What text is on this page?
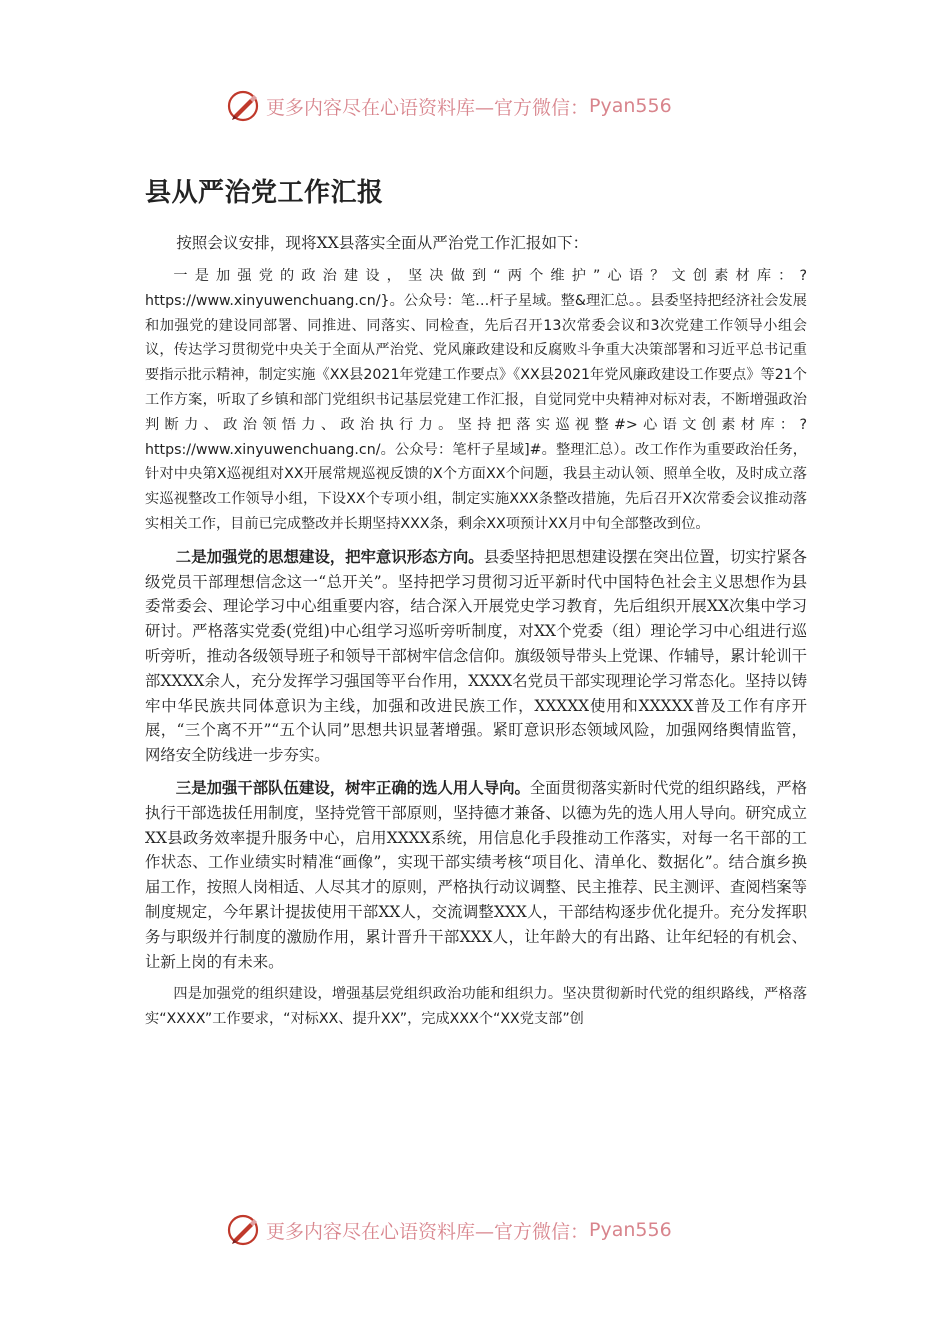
更多内容尽在心语资料库—官方微信： Pyan556
县从严治党工作汇报

按照会议安排，现将XX县落实全面从严治党工作汇报如下：

一是加强党的政治建设，坚决做到“两个维护”心语？文创素材库：?https://www.xinyuwenchuang.cn/}。公众号：笔…杆子星域。整&理汇总。。县委坚持把经济社会发展和加强党的建设同部署、同推进、同落实、同检查，先后召开13次常委会议和3次党建工作领导小组会议，传达学习贯彻党中央关于全面从严治党、党风廉政建设和反腐败斗争重大决策部署和习近平总书记重要指示批示精神，制定实施《XX县2021年党建工作要点》《XX县2021年党风廉政建设工作要点》等21个工作方案，听取了乡镇和部门党组织书记基层党建工作汇报，自觉同党中央精神对标对表，不断增强政治判断力、政治领悟力、政治执行力。坚持把落实巡视整#>心语文创素材库：?https://www.xinyuwenchuang.cn/。公众号：笔杆子星域]#。整理汇总）。改工作作为重要政治任务，针对中央第X巡视组对XX开展常规巡视反馈的X个方面XX个问题，我县主动认领、照单全收，及时成立落实巡视整改工作领导小组，下设XX个专项小组，制定实施XXX条整改措施，先后召开X次常委会议推动落实相关工作，目前已完成整改并长期坚持XXX条，剩余XX项预计XX月中旬全部整改到位。

二是加强党的思想建设，把牢意识形态方向。县委坚持把思想建设摆在突出位置，切实拧紧各级党员干部理想信念这一“总开关”。坚持把学习贯彻习近平新时代中国特色社会主义思想作为县委常委会、理论学习中心组重要内容，结合深入开展党史学习教育，先后组织开展XX次集中学习研讨。严格落实党委(党组)中心组学习巡听旁听制度，对XX个党委（组）理论学习中心组进行巡听旁听，推动各级领导班子和领导干部树牢信念信仰。旗级领导带头上党课、作辅导，累计轮训干部XXXX余人，充分发挥学习强国等平台作用，XXXX名党员干部实现理论学习常态化。坚持以铸牢中华民族共同体意识为主线，加强和改进民族工作，XXXXX使用和XXXXX普及工作有序开展，“三个离不开”“五个认同”思想共识显著增强。紧盯意识形态领域风险，加强网络舆情监管，网络安全防线进一步夯实。

三是加强干部队伍建设，树牢正确的选人用人导向。全面贯彻落实新时代党的组织路线，严格执行干部选拔任用制度，坚持党管干部原则，坚持德才兼备、以德为先的选人用人导向。研究成立XX县政务效率提升服务中心，启用XXXX系统，用信息化手段推动工作落实，对每一名干部的工作状态、工作业绩实时精准“画像”，实现干部实绩考核“项目化、清单化、数据化”。结合旗乡换届工作，按照人岗相适、人尽其才的原则，严格执行动议调整、民主推荐、民主测评、查阅档案等制度规定，今年累计提拔使用干部XX人，交流调整XXX人，干部结构逐步优化提升。充分发挥职务与职级并行制度的激励作用，累计晋升干部XXX人，让年龄大的有出路、让年纪轻的有机会、让新上岗的有未来。

四是加强党的组织建设，增强基层党组织政治功能和组织力。坚决贯彻新时代党的组织路线，严格落实“XXXX”工作要求，“对标XX、提升XX”，完成XXX个“XX党支部”创

更多内容尽在心语资料库—官方微信： Pyan556
